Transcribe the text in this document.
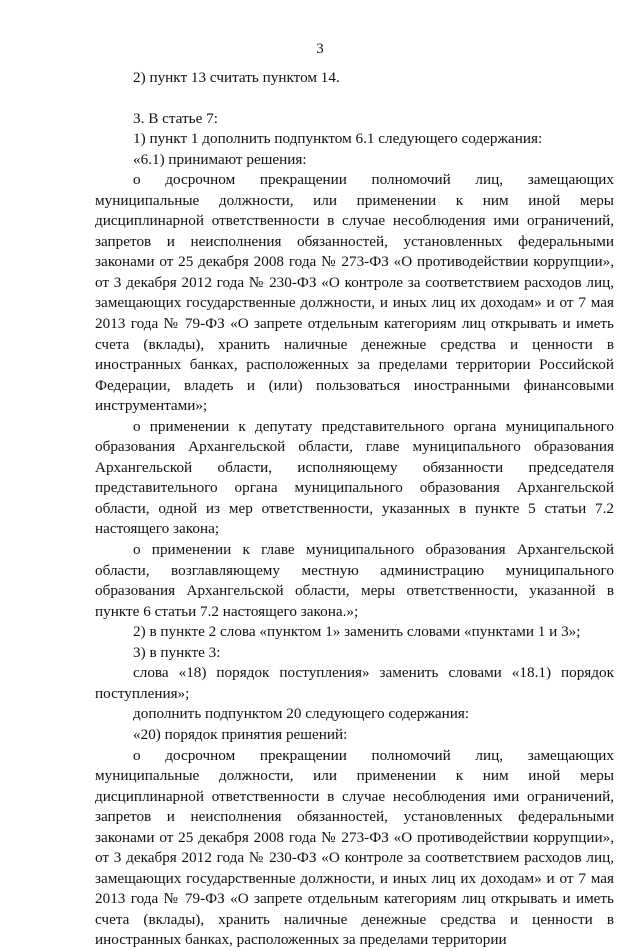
3

2) пункт 13 считать пунктом 14.

3. В статье 7:

1) пункт 1 дополнить подпунктом 6.1 следующего содержания:

«6.1) принимают решения:

о досрочном прекращении полномочий лиц, замещающих муниципальные должности, или применении к ним иной меры дисциплинарной ответственности в случае несоблюдения ими ограничений, запретов и неисполнения обязанностей, установленных федеральными законами от 25 декабря 2008 года № 273-ФЗ «О противодействии коррупции», от 3 декабря 2012 года № 230-ФЗ «О контроле за соответствием расходов лиц, замещающих государственные должности, и иных лиц их доходам» и от 7 мая 2013 года № 79-ФЗ «О запрете отдельным категориям лиц открывать и иметь счета (вклады), хранить наличные денежные средства и ценности в иностранных банках, расположенных за пределами территории Российской Федерации, владеть и (или) пользоваться иностранными финансовыми инструментами»;

о применении к депутату представительного органа муниципального образования Архангельской области, главе муниципального образования Архангельской области, исполняющему обязанности председателя представительного органа муниципального образования Архангельской области, одной из мер ответственности, указанных в пункте 5 статьи 7.2 настоящего закона;

о применении к главе муниципального образования Архангельской области, возглавляющему местную администрацию муниципального образования Архангельской области, меры ответственности, указанной в пункте 6 статьи 7.2 настоящего закона.»;

2) в пункте 2 слова «пунктом 1» заменить словами «пунктами 1 и 3»;

3) в пункте 3:

слова «18) порядок поступления» заменить словами «18.1) порядок поступления»;

дополнить подпунктом 20 следующего содержания:

«20) порядок принятия решений:

о досрочном прекращении полномочий лиц, замещающих муниципальные должности, или применении к ним иной меры дисциплинарной ответственности в случае несоблюдения ими ограничений, запретов и неисполнения обязанностей, установленных федеральными законами от 25 декабря 2008 года № 273-ФЗ «О противодействии коррупции», от 3 декабря 2012 года № 230-ФЗ «О контроле за соответствием расходов лиц, замещающих государственные должности, и иных лиц их доходам» и от 7 мая 2013 года № 79-ФЗ «О запрете отдельным категориям лиц открывать и иметь счета (вклады), хранить наличные денежные средства и ценности в иностранных банках, расположенных за пределами территории
